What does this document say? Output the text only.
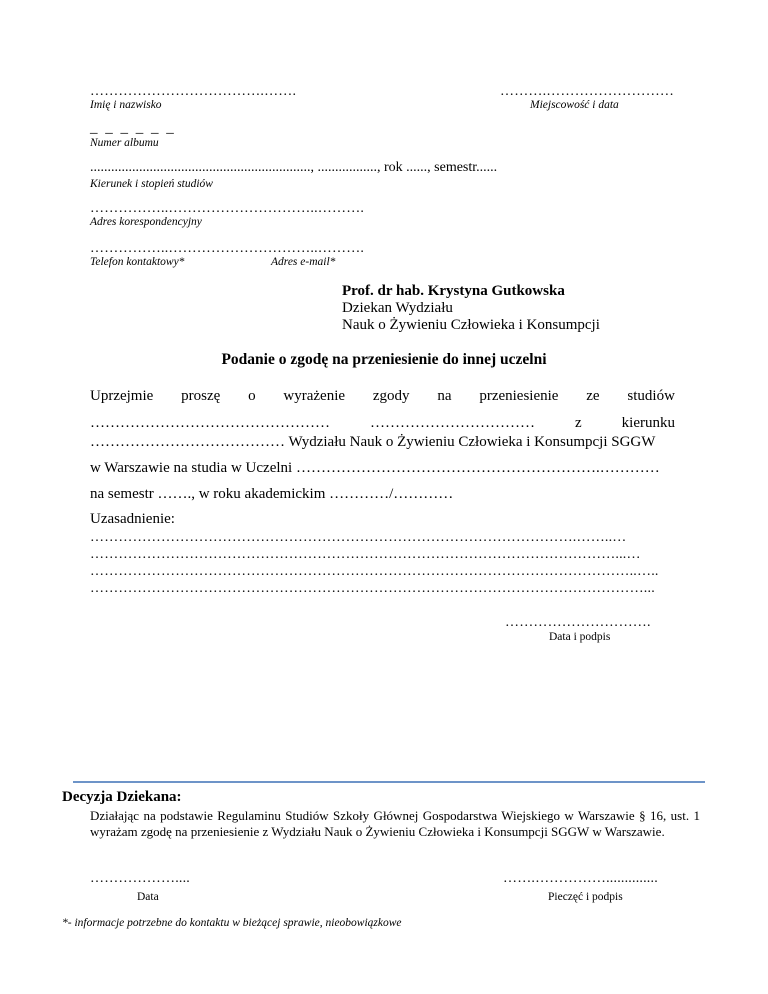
……………………………….…….
Imię i nazwisko
……….………………………
Miejscowość i data
_ _ _ _ _ _
Numer albumu
..............................................................., ................., rok ......, semestr......
Kierunek i stopień studiów
……………..…………………………..……….
Adres korespondencyjny
……………..…………………………..……….
Telefon kontaktowy*	Adres e-mail*
Prof. dr hab. Krystyna Gutkowska
Dziekan Wydziału
Nauk o Żywieniu Człowieka i Konsumpcji
Podanie o zgodę na przeniesienie do innej uczelni
Uprzejmie proszę o wyrażenie zgody na przeniesienie ze studiów
…………………………………………	……………………………	z	kierunku
………………………………… Wydziału Nauk o Żywieniu Człowieka i Konsumpcji SGGW
w Warszawie na studia w Uczelni …………………………………………………….…………
na semestr ……., w roku akademickim …………/…………
Uzasadnienie:
………………………………………………………………………………………….……..…
…………………………………………………………………………………………………...…
……………………………………………………………………………………………………..…..
………………………………………………………………………………………………………...
………………………….
Data i podpis
Decyzja Dziekana:
Działając na podstawie Regulaminu Studiów Szkoły Głównej Gospodarstwa Wiejskiego w Warszawie § 16, ust. 1 wyrażam zgodę na przeniesienie z Wydziału Nauk o Żywieniu Człowieka i Konsumpcji SGGW w Warszawie.
………………....
Data
…….……………..............
Pieczęć i podpis
*- informacje potrzebne do kontaktu w bieżącej sprawie, nieobowiązkowe
